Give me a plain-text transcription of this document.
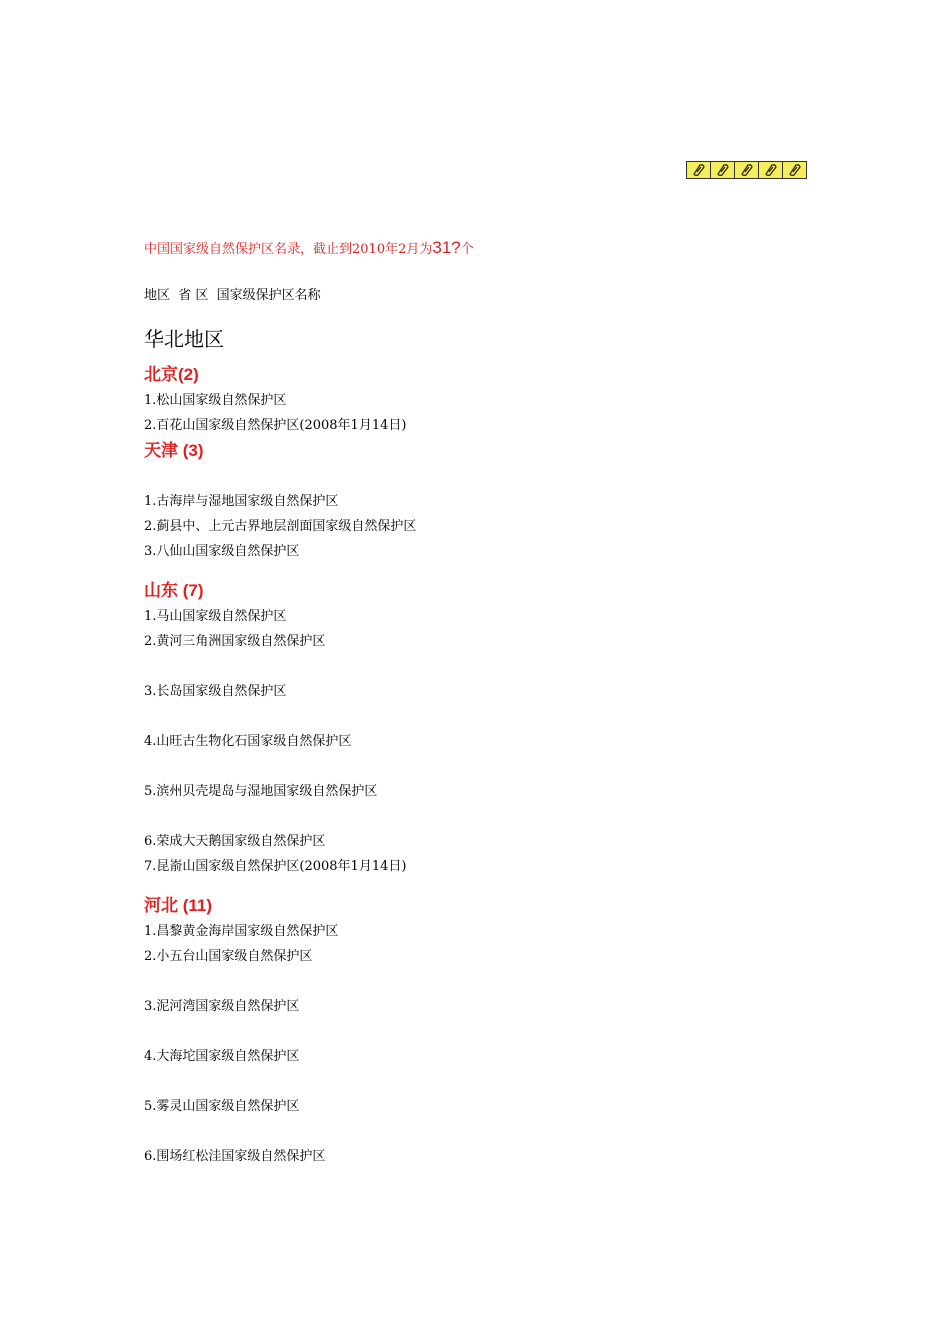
中国国家级自然保护区名录，截止到2010年2月为31?个
地区  省 区  国家级保护区名称
华北地区
北京(2)
1.松山国家级自然保护区
2.百花山国家级自然保护区(2008年1月14日)
天津 (3)
1.古海岸与湿地国家级自然保护区
2.蓟县中、上元古界地层剖面国家级自然保护区
3.八仙山国家级自然保护区
山东 (7)
1.马山国家级自然保护区
2.黄河三角洲国家级自然保护区
3.长岛国家级自然保护区
4.山旺古生物化石国家级自然保护区
5.滨州贝壳堤岛与湿地国家级自然保护区
6.荣成大天鹅国家级自然保护区
7.昆嵛山国家级自然保护区(2008年1月14日)
河北 (11)
1.昌黎黄金海岸国家级自然保护区
2.小五台山国家级自然保护区
3.泥河湾国家级自然保护区
4.大海坨国家级自然保护区
5.雾灵山国家级自然保护区
6.围场红松洼国家级自然保护区
